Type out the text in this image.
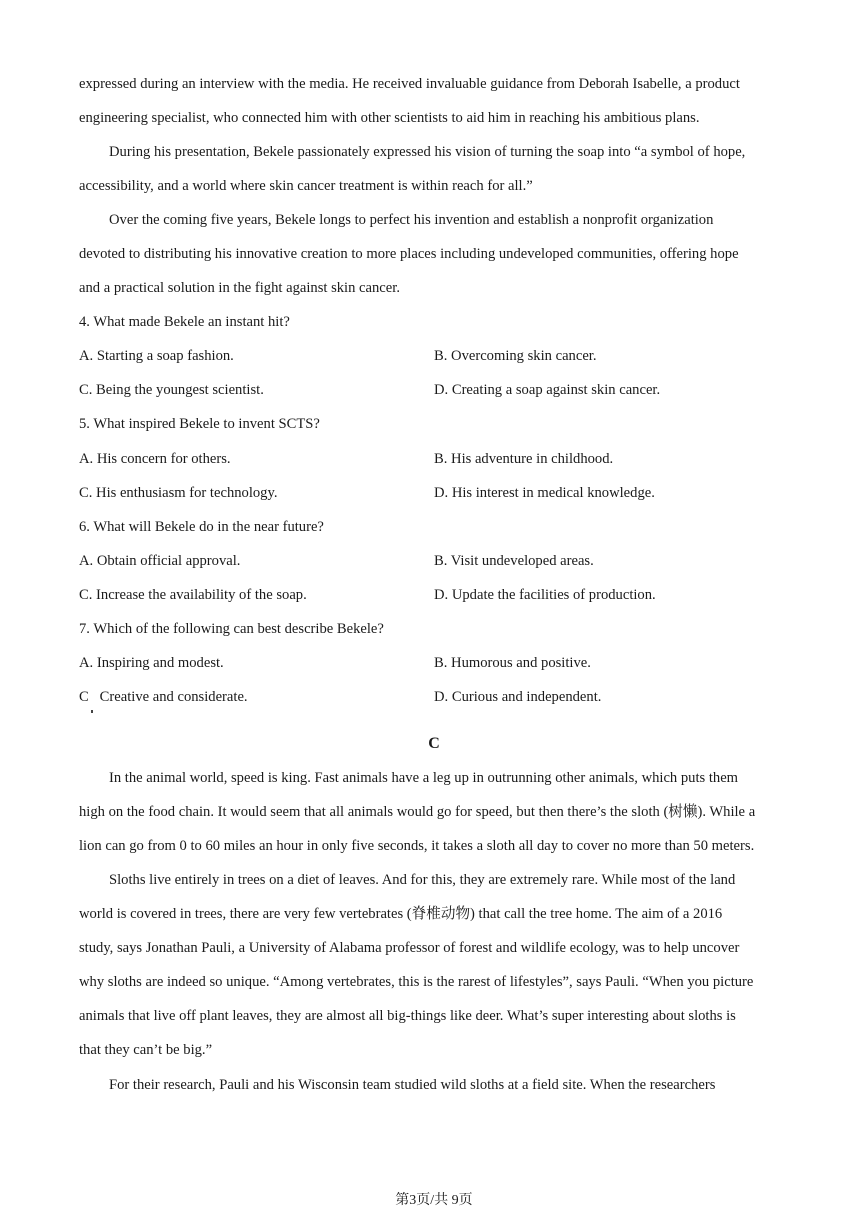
expressed during an interview with the media. He received invaluable guidance from Deborah Isabelle, a product
engineering specialist, who connected him with other scientists to aid him in reaching his ambitious plans.
During his presentation, Bekele passionately expressed his vision of turning the soap into “a symbol of hope,
accessibility, and a world where skin cancer treatment is within reach for all.”
Over the coming five years, Bekele longs to perfect his invention and establish a nonprofit organization
devoted to distributing his innovative creation to more places including undeveloped communities, offering hope
and a practical solution in the fight against skin cancer.
4. What made Bekele an instant hit?
A. Starting a soap fashion.	B. Overcoming skin cancer.
C. Being the youngest scientist.	D. Creating a soap against skin cancer.
5. What inspired Bekele to invent SCTS?
A. His concern for others.	B. His adventure in childhood.
C. His enthusiasm for technology.	D. His interest in medical knowledge.
6. What will Bekele do in the near future?
A. Obtain official approval.	B. Visit undeveloped areas.
C. Increase the availability of the soap.	D. Update the facilities of production.
7. Which of the following can best describe Bekele?
A. Inspiring and modest.	B. Humorous and positive.
C   Creative and considerate.	D. Curious and independent.
C
In the animal world, speed is king. Fast animals have a leg up in outrunning other animals, which puts them
high on the food chain. It would seem that all animals would go for speed, but then there’s the sloth (树懒). While a
lion can go from 0 to 60 miles an hour in only five seconds, it takes a sloth all day to cover no more than 50 meters.
Sloths live entirely in trees on a diet of leaves. And for this, they are extremely rare. While most of the land
world is covered in trees, there are very few vertebrates (脊椎动物) that call the tree home. The aim of a 2016
study, says Jonathan Pauli, a University of Alabama professor of forest and wildlife ecology, was to help uncover
why sloths are indeed so unique. “Among vertebrates, this is the rarest of lifestyles”, says Pauli. “When you picture
animals that live off plant leaves, they are almost all big-things like deer. What’s super interesting about sloths is
that they can’t be big.”
For their research, Pauli and his Wisconsin team studied wild sloths at a field site. When the researchers
第3页/共 9页
